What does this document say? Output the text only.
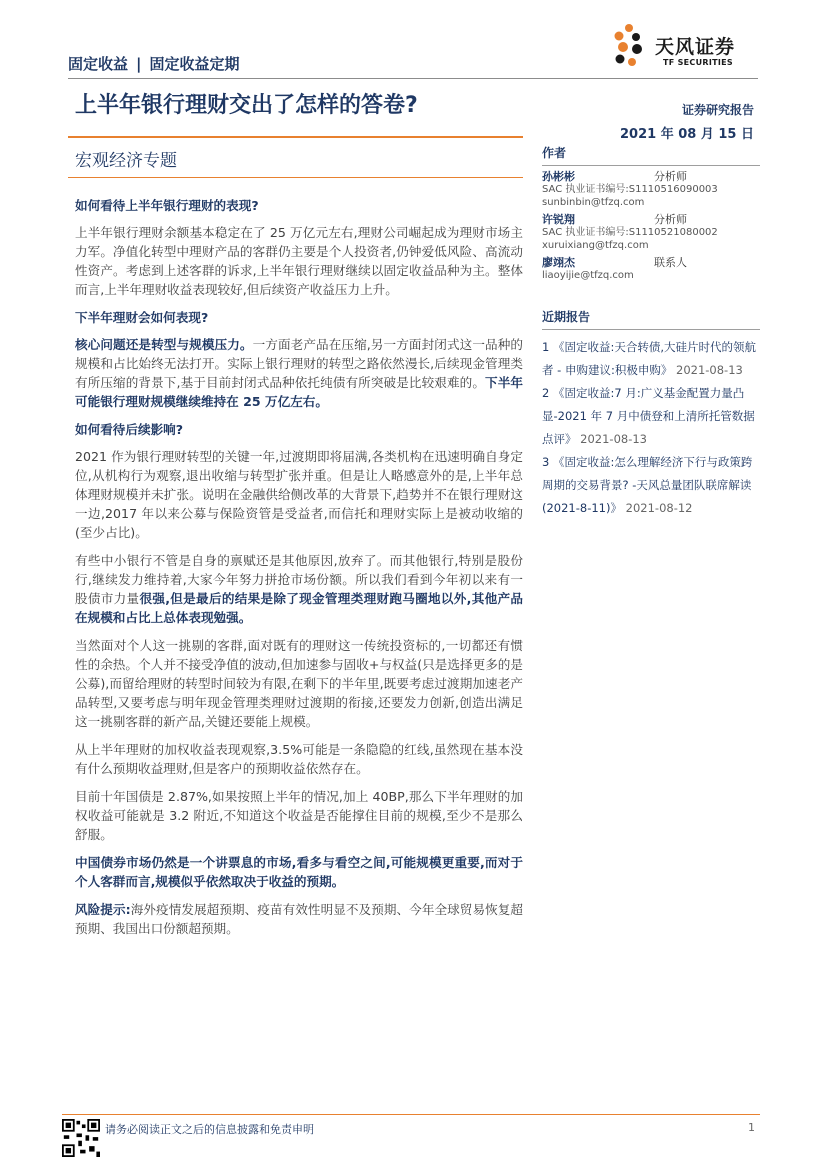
固定收益 | 固定收益定期
天风证券
TF SECURITIES
上半年银行理财交出了怎样的答卷?	证券研究报告
2021 年 08 月 15 日
宏观经济专题	作者
孙彬彬	分析师
SAC 执业证书编号:S1110516090003
sunbinbin@tfzq.com
许锐翔	分析师
SAC 执业证书编号:S1110521080002
xuruixiang@tfzq.com
廖翊杰	联系人
liaoyijie@tfzq.com
近期报告
1 《固定收益:天合转债,大硅片时代的领航者 - 申购建议:积极申购》 2021-08-13
2 《固定收益:7 月:广义基金配置力量凸显-2021 年 7 月中债登和上清所托管数据点评》 2021-08-13
3 《固定收益:怎么理解经济下行与政策跨周期的交易背景? -天风总量团队联席解读(2021-8-11)》 2021-08-12
如何看待上半年银行理财的表现?

上半年银行理财余额基本稳定在了 25 万亿元左右,理财公司崛起成为理财市场主力军。净值化转型中理财产品的客群仍主要是个人投资者,仍钟爱低风险、高流动性资产。考虑到上述客群的诉求,上半年银行理财继续以固定收益品种为主。整体而言,上半年理财收益表现较好,但后续资产收益压力上升。

下半年理财会如何表现?

核心问题还是转型与规模压力。一方面老产品在压缩,另一方面封闭式这一品种的规模和占比始终无法打开。实际上银行理财的转型之路依然漫长,后续现金管理类有所压缩的背景下,基于目前封闭式品种依托纯债有所突破是比较艰难的。下半年可能银行理财规模继续维持在 25 万亿左右。

如何看待后续影响?

2021 作为银行理财转型的关键一年,过渡期即将届满,各类机构在迅速明确自身定位,从机构行为观察,退出收缩与转型扩张并重。但是让人略感意外的是,上半年总体理财规模并未扩张。说明在金融供给侧改革的大背景下,趋势并不在银行理财这一边,2017 年以来公募与保险资管是受益者,而信托和理财实际上是被动收缩的(至少占比)。

有些中小银行不管是自身的禀赋还是其他原因,放弃了。而其他银行,特别是股份行,继续发力维持着,大家今年努力拼抢市场份额。所以我们看到今年初以来有一股债市力量很强,但是最后的结果是除了现金管理类理财跑马圈地以外,其他产品在规模和占比上总体表现勉强。

当然面对个人这一挑剔的客群,面对既有的理财这一传统投资标的,一切都还有惯性的余热。个人并不接受净值的波动,但加速参与固收+与权益(只是选择更多的是公募),而留给理财的转型时间较为有限,在剩下的半年里,既要考虑过渡期加速老产品转型,又要考虑与明年现金管理类理财过渡期的衔接,还要发力创新,创造出满足这一挑剔客群的新产品,关键还要能上规模。

从上半年理财的加权收益表现观察,3.5%可能是一条隐隐的红线,虽然现在基本没有什么预期收益理财,但是客户的预期收益依然存在。

目前十年国债是 2.87%,如果按照上半年的情况,加上 40BP,那么下半年理财的加权收益可能就是 3.2 附近,不知道这个收益是否能撑住目前的规模,至少不是那么舒服。

中国债券市场仍然是一个讲票息的市场,看多与看空之间,可能规模更重要,而对于个人客群而言,规模似乎依然取决于收益的预期。

风险提示:海外疫情发展超预期、疫苗有效性明显不及预期、今年全球贸易恢复超预期、我国出口份额超预期。

请务必阅读正文之后的信息披露和免责申明	1
